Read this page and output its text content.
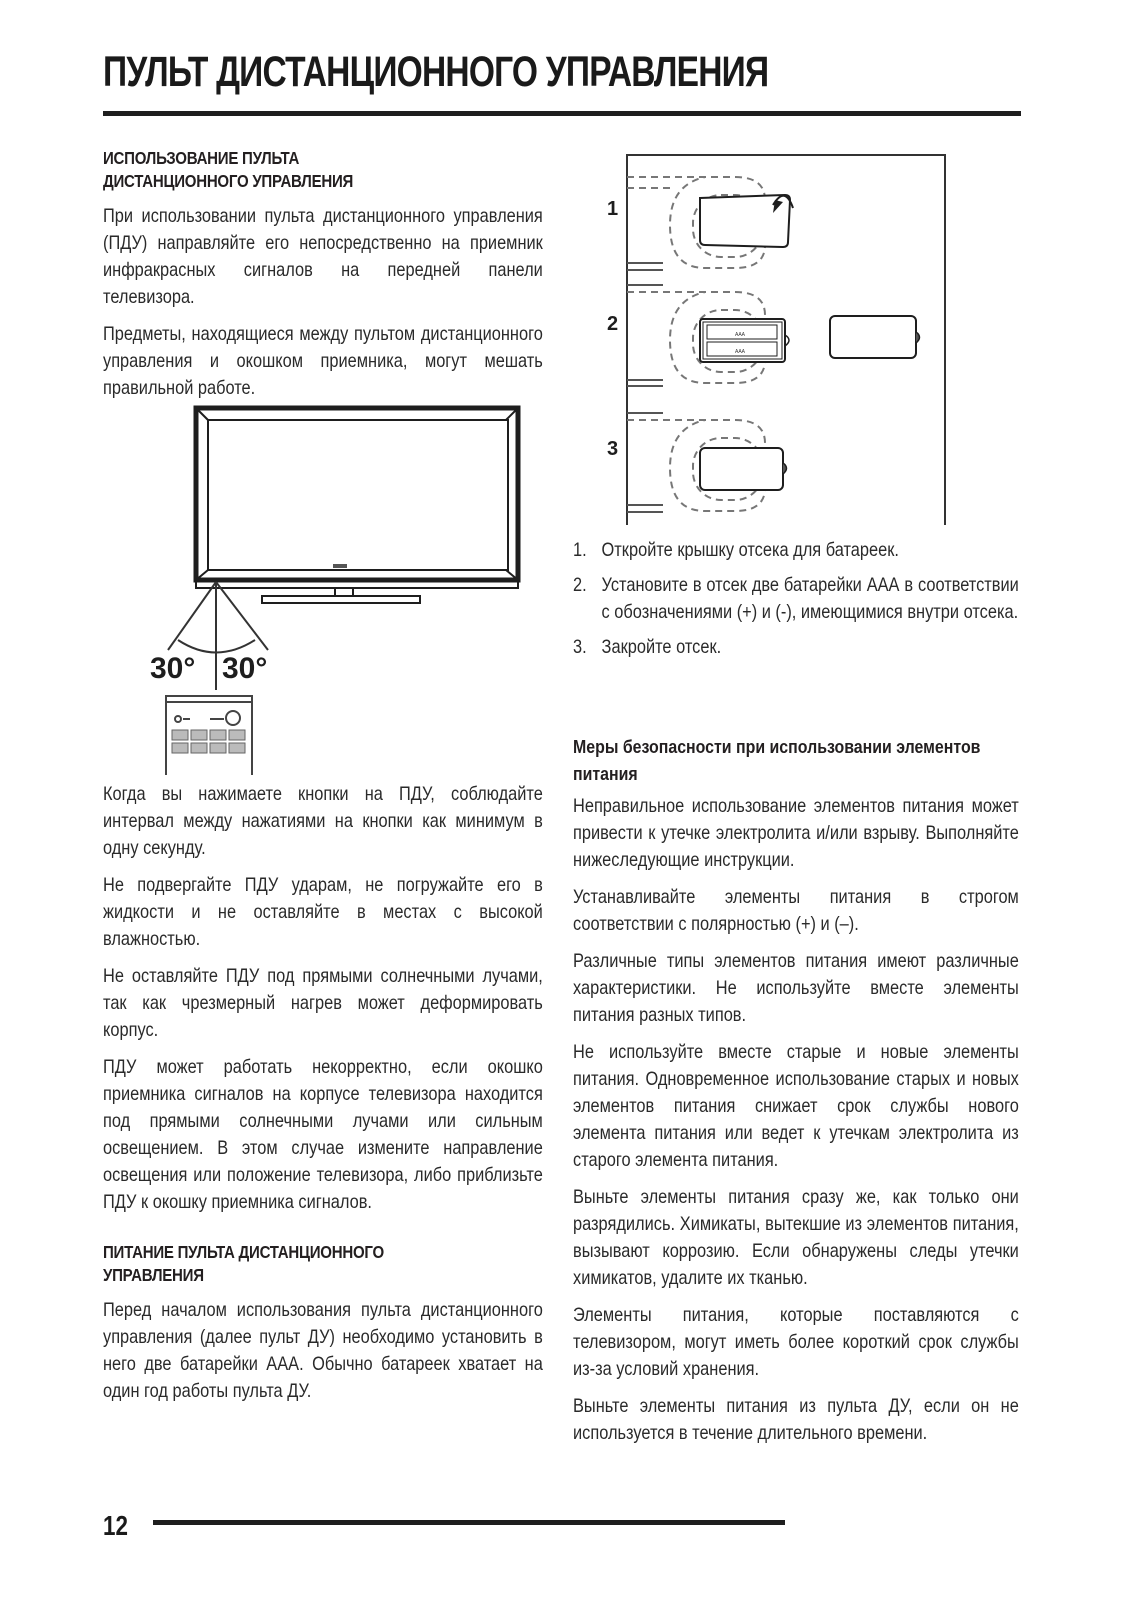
ПУЛЬТ ДИСТАНЦИОННОГО УПРАВЛЕНИЯ
ИСПОЛЬЗОВАНИЕ ПУЛЬТА
ДИСТАНЦИОННОГО УПРАВЛЕНИЯ

При использовании пульта дистанционного управления (ПДУ) направляйте его непосредственно на приемник инфракрасных сигналов на передней панели телевизора.

Предметы, находящиеся между пультом дистанционного управления и окошком приемника, могут мешать правильной работе.

30° 30°

Когда вы нажимаете кнопки на ПДУ, соблюдайте интервал между нажатиями на кнопки как минимум в одну секунду.

Не подвергайте ПДУ ударам, не погружайте его в жидкости и не оставляйте в местах с высокой влажностью.

Не оставляйте ПДУ под прямыми солнечными лучами, так как чрезмерный нагрев может деформировать корпус.

ПДУ может работать некорректно, если окошко приемника сигналов на корпусе телевизора находится под прямыми солнечными лучами или сильным освещением. В этом случае измените направление освещения или положение телевизора, либо приблизьте ПДУ к окошку приемника сигналов.

ПИТАНИЕ ПУЛЬТА ДИСТАНЦИОННОГО
УПРАВЛЕНИЯ

Перед началом использования пульта дистанционного управления (далее пульт ДУ) необходимо установить в него две батарейки ААА. Обычно батареек хватает на один год работы пульта ДУ.

1
2
3
AAA
AAA
1. Откройте крышку отсека для батареек.
2. Установите в отсек две батарейки ААА в соответствии с обозначениями (+) и (-), имеющимися внутри отсека.
3. Закройте отсек.
Меры безопасности при использовании элементов питания

Неправильное использование элементов питания может привести к утечке электролита и/или взрыву. Выполняйте нижеследующие инструкции.

Устанавливайте элементы питания в строгом соответствии с полярностью (+) и (–).

Различные типы элементов питания имеют различные характеристики. Не используйте вместе элементы питания разных типов.

Не используйте вместе старые и новые элементы питания. Одновременное использование старых и новых элементов питания снижает срок службы нового элемента питания или ведет к утечкам электролита из старого элемента питания.

Выньте элементы питания сразу же, как только они разрядились. Химикаты, вытекшие из элементов питания, вызывают коррозию. Если обнаружены следы утечки химикатов, удалите их тканью.

Элементы питания, которые поставляются с телевизором, могут иметь более короткий срок службы из-за условий хранения.

Выньте элементы питания из пульта ДУ, если он не используется в течение длительного времени.

12
